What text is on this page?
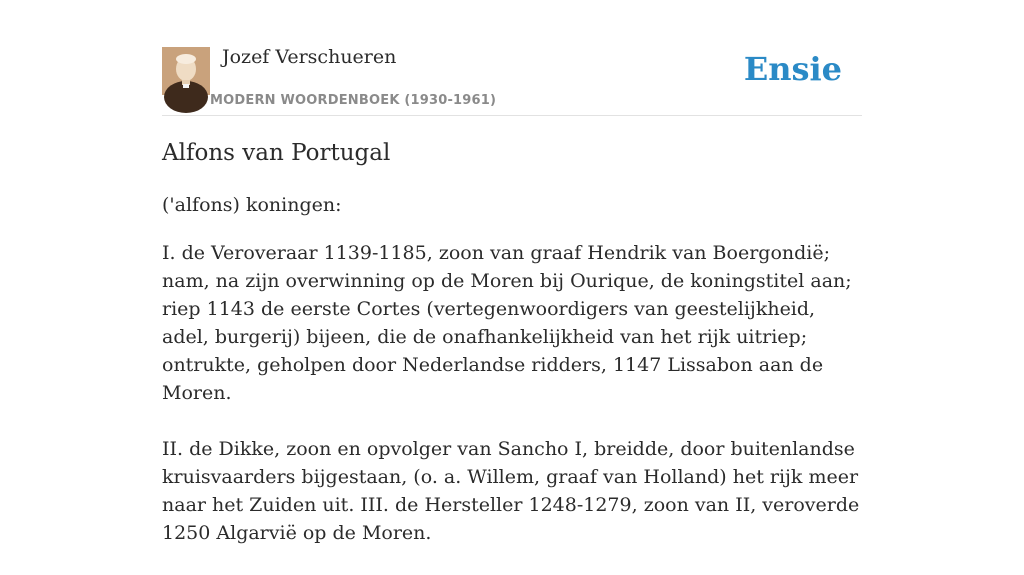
Jozef Verschueren
MODERN WOORDENBOEK (1930-1961)
Ensie
Alfons van Portugal
('alfons) koningen:

I. de Veroveraar 1139-1185, zoon van graaf Hendrik van Boergondië; nam, na zijn overwinning op de Moren bij Ourique, de koningstitel aan; riep 1143 de eerste Cortes (vertegenwoordigers van geestelijkheid, adel, burgerij) bijeen, die de onafhankelijkheid van het rijk uitriep; ontrukte, geholpen door Nederlandse ridders, 1147 Lissabon aan de Moren.

II. de Dikke, zoon en opvolger van Sancho I, breidde, door buitenlandse kruisvaarders bijgestaan, (o. a. Willem, graaf van Holland) het rijk meer naar het Zuiden uit. III. de Hersteller 1248-1279, zoon van II, veroverde 1250 Algarvië op de Moren.
